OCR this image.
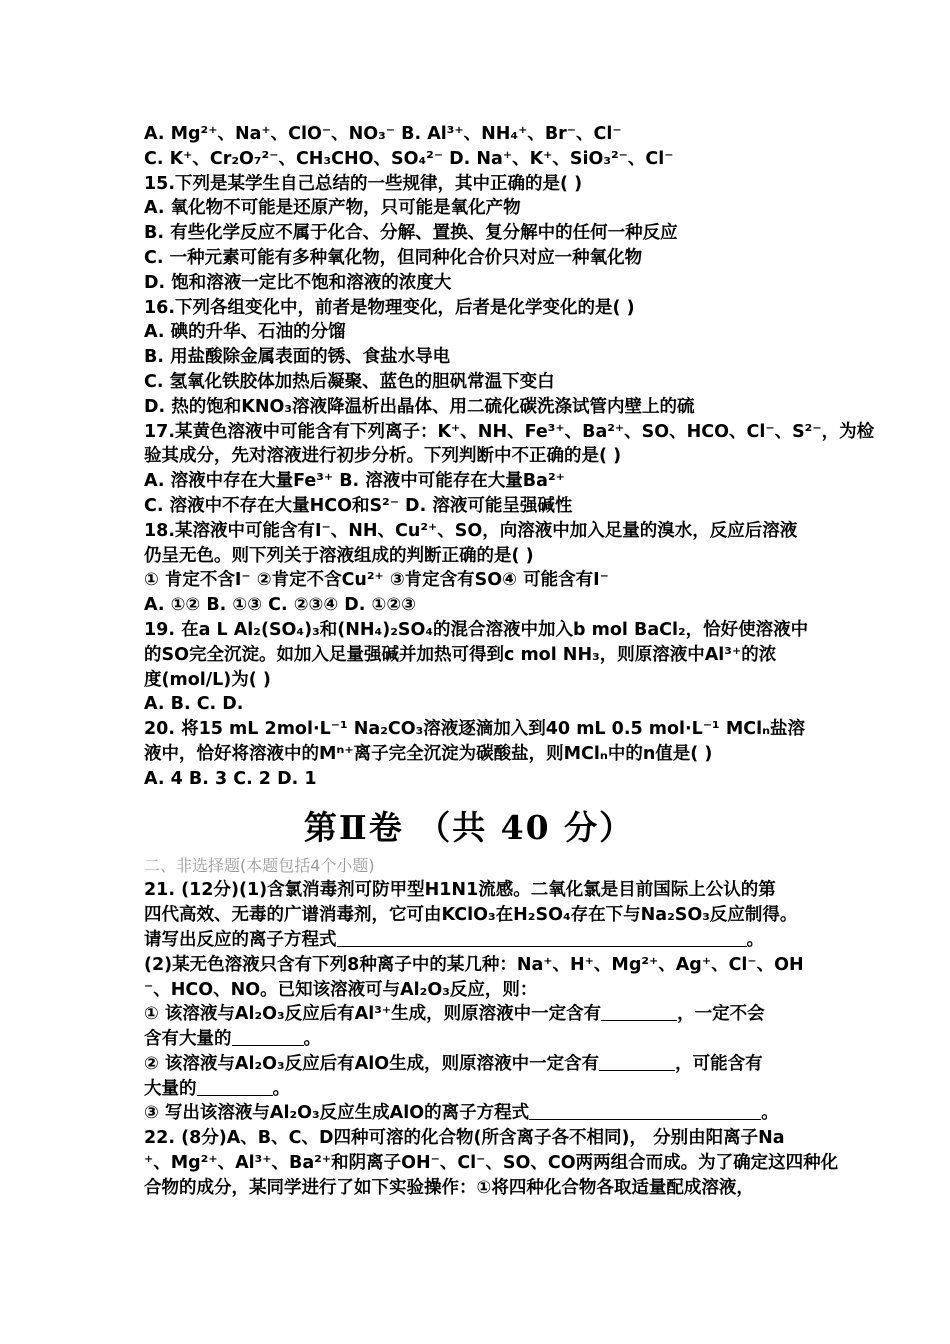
A. Mg²⁺、Na⁺、ClO⁻、NO₃⁻ B. Al³⁺、NH₄⁺、Br⁻、Cl⁻
C. K⁺、Cr₂O₇²⁻、CH₃CHO、SO₄²⁻ D. Na⁺、K⁺、SiO₃²⁻、Cl⁻
15.下列是某学生自己总结的一些规律，其中正确的是( )
A. 氧化物不可能是还原产物，只可能是氧化产物
B. 有些化学反应不属于化合、分解、置换、复分解中的任何一种反应
C. 一种元素可能有多种氧化物，但同种化合价只对应一种氧化物
D. 饱和溶液一定比不饱和溶液的浓度大
16.下列各组变化中，前者是物理变化，后者是化学变化的是( )
A. 碘的升华、石油的分馏
B. 用盐酸除金属表面的锈、食盐水导电
C. 氢氧化铁胶体加热后凝聚、蓝色的胆矾常温下变白
D. 热的饱和KNO₃溶液降温析出晶体、用二硫化碳洗涤试管内壁上的硫
17.某黄色溶液中可能含有下列离子：K⁺、NH、Fe³⁺、Ba²⁺、SO、HCO、Cl⁻、S²⁻，为检
验其成分，先对溶液进行初步分析。下列判断中不正确的是( )
A. 溶液中存在大量Fe³⁺ B. 溶液中可能存在大量Ba²⁺
C. 溶液中不存在大量HCO和S²⁻ D. 溶液可能呈强碱性
18.某溶液中可能含有I⁻、NH、Cu²⁺、SO，向溶液中加入足量的溴水，反应后溶液
仍呈无色。则下列关于溶液组成的判断正确的是( )
① 肯定不含I⁻ ②肯定不含Cu²⁺ ③肯定含有SO④ 可能含有I⁻
A. ①② B. ①③ C. ②③④ D. ①②③
19. 在a L Al₂(SO₄)₃和(NH₄)₂SO₄的混合溶液中加入b mol BaCl₂，恰好使溶液中
的SO完全沉淀。如加入足量强碱并加热可得到c mol NH₃，则原溶液中Al³⁺的浓
度(mol/L)为( )
A. B. C. D.
20. 将15 mL 2mol·L⁻¹ Na₂CO₃溶液逐滴加入到40 mL 0.5 mol·L⁻¹ MClₙ盐溶
液中，恰好将溶液中的Mⁿ⁺离子完全沉淀为碳酸盐，则MClₙ中的n值是( )
A. 4 B. 3 C. 2 D. 1
第Ⅱ卷 （共 40 分）
二、非选择题(本题包括4个小题)
21. (12分)(1)含氯消毒剂可防甲型H1N1流感。二氧化氯是目前国际上公认的第
四代高效、无毒的广谱消毒剂，它可由KClO₃在H₂SO₄存在下与Na₂SO₃反应制得。
请写出反应的离子方程式	。
(2)某无色溶液只含有下列8种离子中的某几种：Na⁺、H⁺、Mg²⁺、Ag⁺、Cl⁻、OH
⁻、HCO、NO。已知该溶液可与Al₂O₃反应，则：
① 该溶液与Al₂O₃反应后有Al³⁺生成，则原溶液中一定含有	，一定不会
含有大量的	。
② 该溶液与Al₂O₃反应后有AlO生成，则原溶液中一定含有	，可能含有
大量的	。
③ 写出该溶液与Al₂O₃反应生成AlO的离子方程式	。
22. (8分)A、B、C、D四种可溶的化合物(所含离子各不相同)， 分别由阳离子Na
⁺、Mg²⁺、Al³⁺、Ba²⁺和阴离子OH⁻、Cl⁻、SO、CO两两组合而成。为了确定这四种化
合物的成分，某同学进行了如下实验操作：①将四种化合物各取适量配成溶液，
